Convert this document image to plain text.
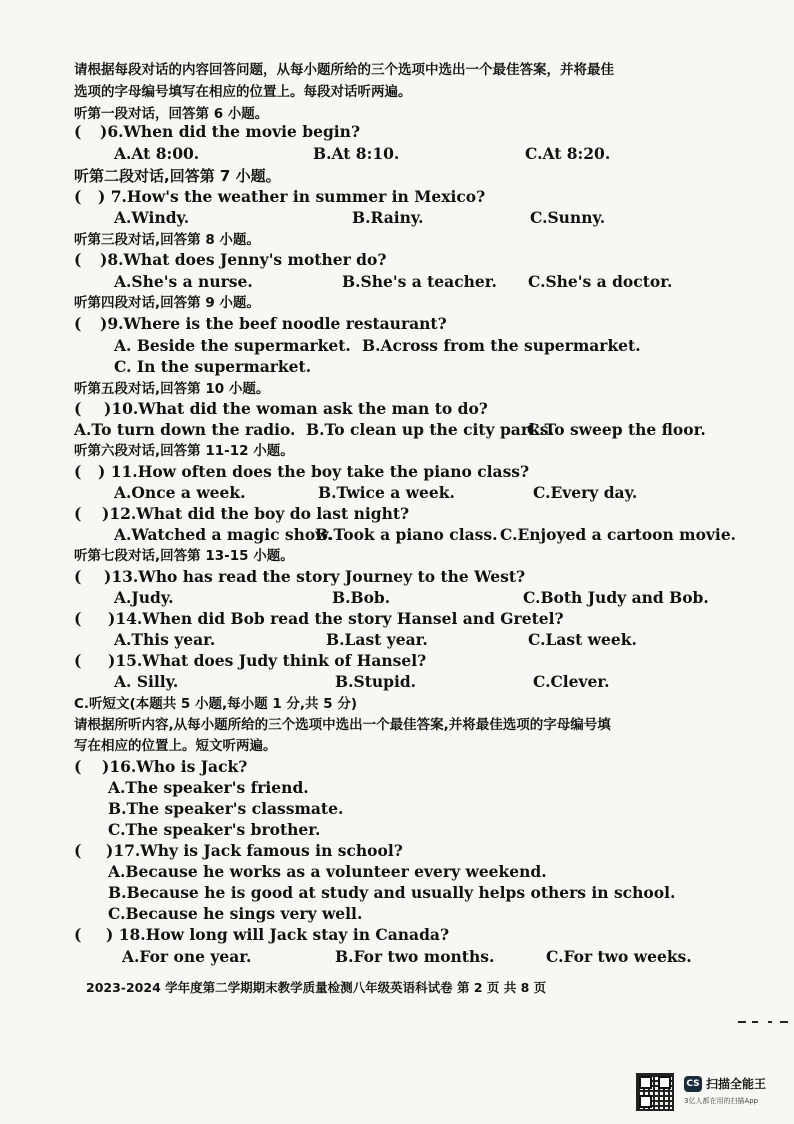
请根据每段对话的内容回答问题，从每小题所给的三个选项中选出一个最佳答案，并将最佳
选项的字母编号填写在相应的位置上。每段对话听两遍。
听第一段对话，回答第 6 小题。
( )6.When did the movie begin?
A.At 8:00.	B.At 8:10.	C.At 8:20.
听第二段对话,回答第 7 小题。
( ) 7.How's the weather in summer in Mexico?
A.Windy.	B.Rainy.	C.Sunny.
听第三段对话,回答第 8 小题。
( )8.What does Jenny's mother do?
A.She's a nurse.	B.She's a teacher. C.She's a doctor.
听第四段对话,回答第 9 小题。
( )9.Where is the beef noodle restaurant?
A. Beside the supermarket. B.Across from the supermarket.
C. In the supermarket.
听第五段对话,回答第 10 小题。
( )10.What did the woman ask the man to do?
A.To turn down the radio. B.To clean up the city parks.
C.To sweep the floor.
听第六段对话,回答第 11-12 小题。
( ) 11.How often does the boy take the piano class?
A.Once a week.	B.Twice a week.	C.Every day.
( )12.What did the boy do last night?
A.Watched a magic show.
B.Took a piano class. C.Enjoyed a cartoon movie.
听第七段对话,回答第 13-15 小题。
( )13.Who has read the story Journey to the West?
A.Judy.	B.Bob.	C.Both Judy and Bob.
( )14.When did Bob read the story Hansel and Gretel?
A.This year.	B.Last year.	C.Last week.
( )15.What does Judy think of Hansel?
A. Silly.	B.Stupid.	C.Clever.
C.听短文(本题共 5 小题,每小题 1 分,共 5 分)
请根据所听内容,从每小题所给的三个选项中选出一个最佳答案,并将最佳选项的字母编号填
写在相应的位置上。短文听两遍。
( )16.Who is Jack?
A.The speaker's friend.
B.The speaker's classmate.
C.The speaker's brother.
( )17.Why is Jack famous in school?
A.Because he works as a volunteer every weekend.
B.Because he is good at study and usually helps others in school.
C.Because he sings very well.
( ) 18.How long will Jack stay in Canada?
A.For one year.	B.For two months.	C.For two weeks.
2023-2024 学年度第二学期期末教学质量检测八年级英语科试卷 第 2 页 共 8 页
CS 扫描全能王
3亿人都在用的扫描App
